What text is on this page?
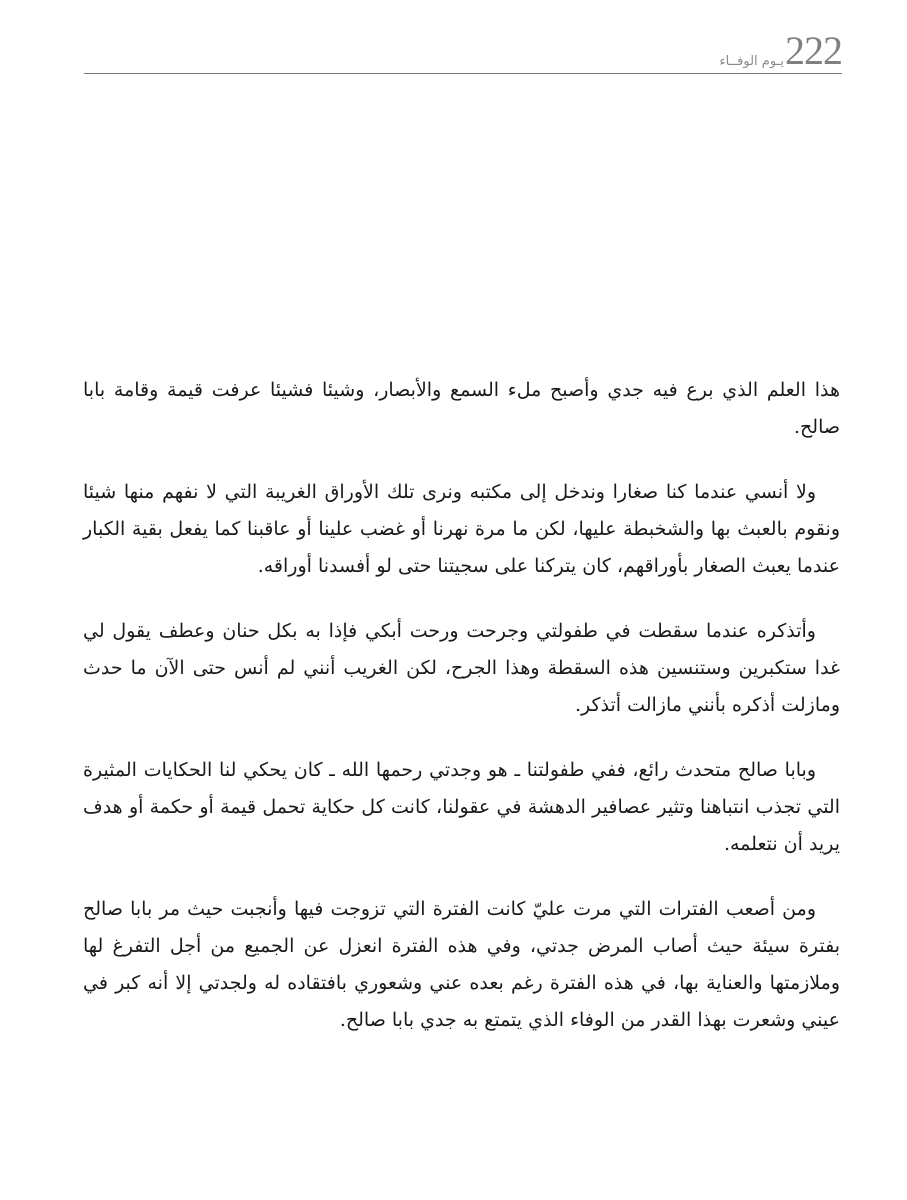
يـوم الوفــاء 222

هذا العلم الذي برع فيه جدي وأصبح ملء السمع والأبصار، وشيئا فشيئا عرفت قيمة وقامة بابا صالح.

ولا أنسي عندما كنا صغارا وندخل إلى مكتبه ونرى تلك الأوراق الغريبة التي لا نفهم منها شيئا ونقوم بالعبث بها والشخبطة عليها، لكن ما مرة نهرنا أو غضب علينا أو عاقبنا كما يفعل بقية الكبار عندما يعبث الصغار بأوراقهم، كان يتركنا على سجيتنا حتى لو أفسدنا أوراقه.

وأتذكره عندما سقطت في طفولتي وجرحت ورحت أبكي فإذا به بكل حنان وعطف يقول لي غدا ستكبرين وستنسين هذه السقطة وهذا الجرح، لكن الغريب أنني لم أنس حتى الآن ما حدث ومازلت أذكره بأنني مازالت أتذكر.

وبابا صالح متحدث رائع، ففي طفولتنا ـ هو وجدتي رحمها الله ـ كان يحكي لنا الحكايات المثيرة التي تجذب انتباهنا وتثير عصافير الدهشة في عقولنا، كانت كل حكاية تحمل قيمة أو حكمة أو هدف يريد أن نتعلمه.

ومن أصعب الفترات التي مرت عليّ كانت الفترة التي تزوجت فيها وأنجبت حيث مر بابا صالح بفترة سيئة حيث أصاب المرض جدتي، وفي هذه الفترة انعزل عن الجميع من أجل التفرغ لها وملازمتها والعناية بها، في هذه الفترة رغم بعده عني وشعوري بافتقاده له ولجدتي إلا أنه كبر في عيني وشعرت بهذا القدر من الوفاء الذي يتمتع به جدي بابا صالح.
